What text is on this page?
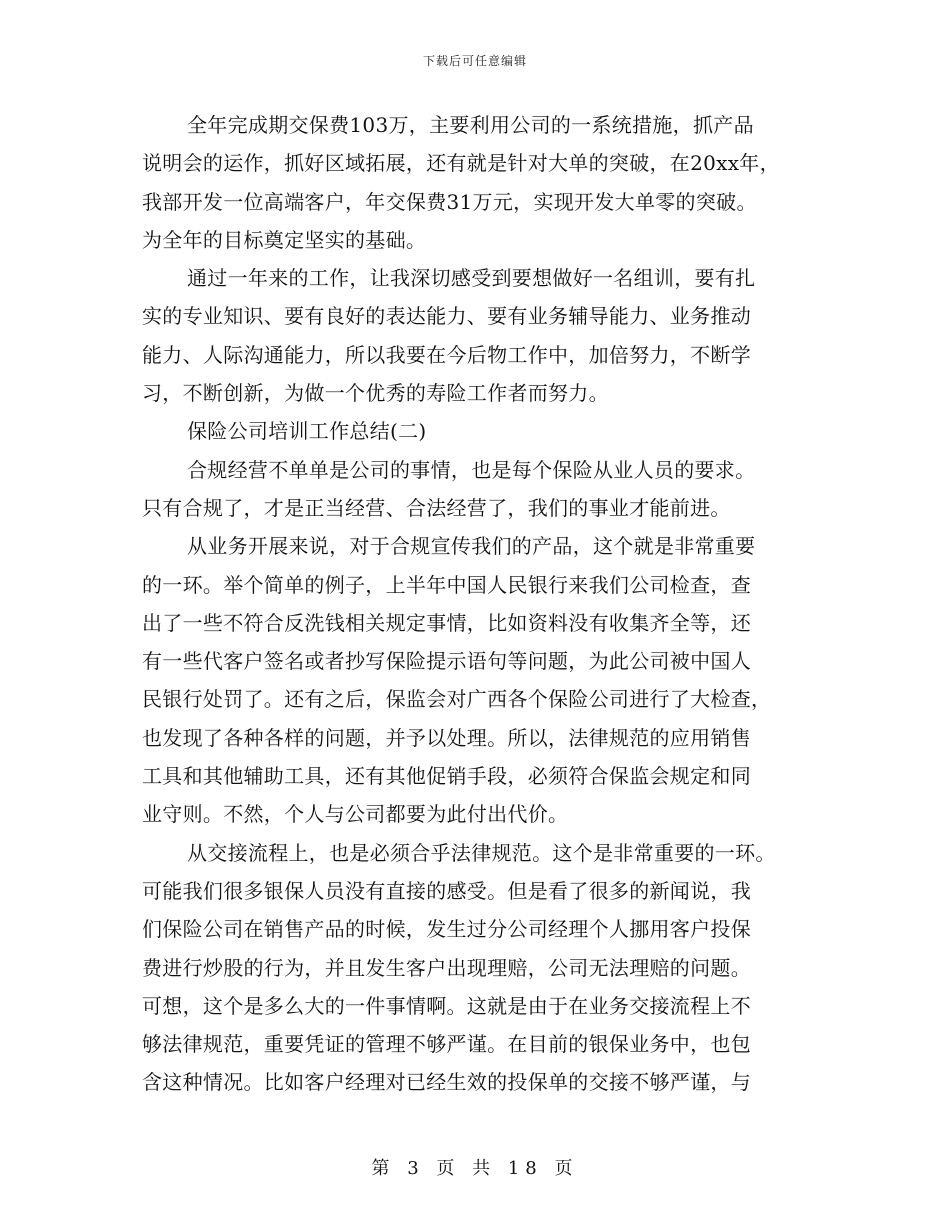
下载后可任意编辑
全年完成期交保费103万，主要利用公司的一系统措施，抓产品
说明会的运作，抓好区域拓展，还有就是针对大单的突破，在20xx年，
我部开发一位高端客户，年交保费31万元，实现开发大单零的突破。
为全年的目标奠定坚实的基础。
通过一年来的工作，让我深切感受到要想做好一名组训，要有扎
实的专业知识、要有良好的表达能力、要有业务辅导能力、业务推动
能力、人际沟通能力，所以我要在今后物工作中，加倍努力，不断学
习，不断创新，为做一个优秀的寿险工作者而努力。
保险公司培训工作总结(二)
合规经营不单单是公司的事情，也是每个保险从业人员的要求。
只有合规了，才是正当经营、合法经营了，我们的事业才能前进。
从业务开展来说，对于合规宣传我们的产品，这个就是非常重要
的一环。举个简单的例子，上半年中国人民银行来我们公司检查，查
出了一些不符合反洗钱相关规定事情，比如资料没有收集齐全等，还
有一些代客户签名或者抄写保险提示语句等问题，为此公司被中国人
民银行处罚了。还有之后，保监会对广西各个保险公司进行了大检查，
也发现了各种各样的问题，并予以处理。所以，法律规范的应用销售
工具和其他辅助工具，还有其他促销手段，必须符合保监会规定和同
业守则。不然，个人与公司都要为此付出代价。
从交接流程上，也是必须合乎法律规范。这个是非常重要的一环。
可能我们很多银保人员没有直接的感受。但是看了很多的新闻说，我
们保险公司在销售产品的时候，发生过分公司经理个人挪用客户投保
费进行炒股的行为，并且发生客户出现理赔，公司无法理赔的问题。
可想，这个是多么大的一件事情啊。这就是由于在业务交接流程上不
够法律规范，重要凭证的管理不够严谨。在目前的银保业务中，也包
含这种情况。比如客户经理对已经生效的投保单的交接不够严谨，与
第 3 页 共 18 页
